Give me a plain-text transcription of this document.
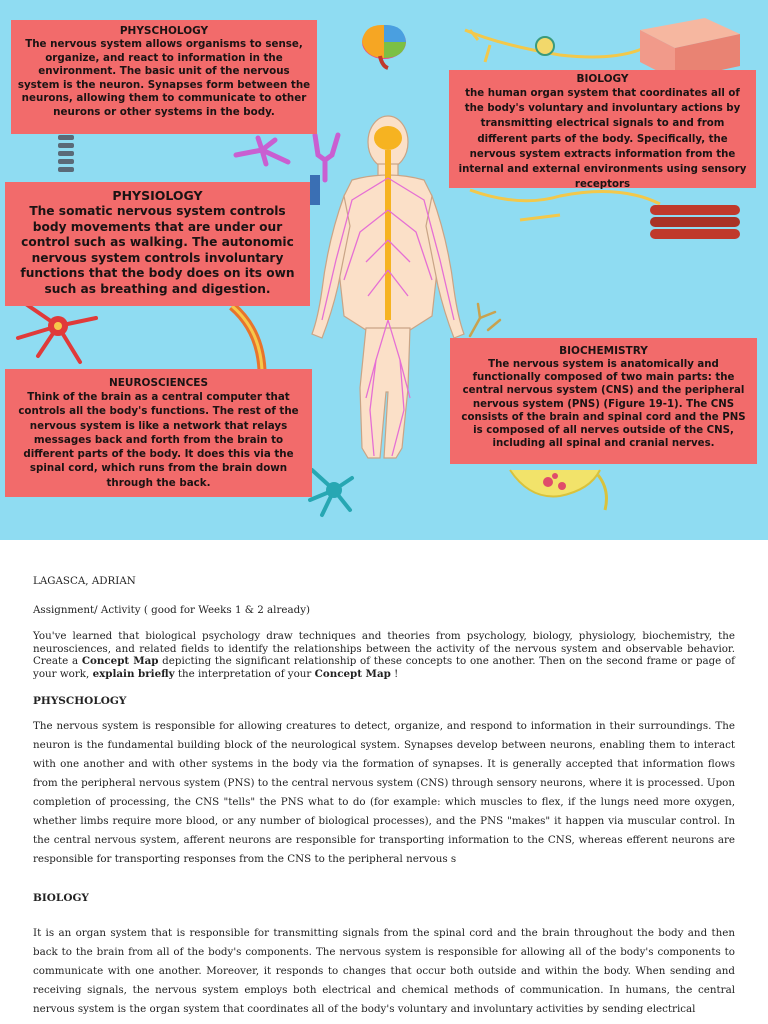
PHYSCHOLOGY
The nervous system allows organisms to sense, organize, and react to information in the environment. The basic unit of the nervous system is the neuron. Synapses form between the neurons, allowing them to communicate to other neurons or other systems in the body.
PHYSIOLOGY
The somatic nervous system controls body movements that are under our control such as walking. The autonomic nervous system controls involuntary functions that the body does on its own such as breathing and digestion.
NEUROSCIENCES
Think of the brain as a central computer that controls all the body's functions. The rest of the nervous system is like a network that relays messages back and forth from the brain to different parts of the body. It does this via the spinal cord, which runs from the brain down through the back.
BIOLOGY
the human organ system that coordinates all of the body's voluntary and involuntary actions by transmitting electrical signals to and from different parts of the body. Specifically, the nervous system extracts information from the internal and external environments using sensory receptors
BIOCHEMISTRY
The nervous system is anatomically and functionally composed of two main parts: the central nervous system (CNS) and the peripheral nervous system (PNS) (Figure 19-1). The CNS consists of the brain and spinal cord and the PNS is composed of all nerves outside of the CNS, including all spinal and cranial nerves.

LAGASCA, ADRIAN

Assignment/ Activity ( good for Weeks 1 & 2 already)

You've learned that biological psychology draw techniques and theories from psychology, biology, physiology, biochemistry, the neurosciences, and related fields to identify the relationships between the activity of the nervous system and observable behavior. Create a Concept Map depicting the significant relationship of these concepts to one another. Then on the second frame or page of your work, explain briefly the interpretation of your Concept Map !

PHYSCHOLOGY

The nervous system is responsible for allowing creatures to detect, organize, and respond to information in their surroundings. The neuron is the fundamental building block of the neurological system. Synapses develop between neurons, enabling them to interact with one another and with other systems in the body via the formation of synapses. It is generally accepted that information flows from the peripheral nervous system (PNS) to the central nervous system (CNS) through sensory neurons, where it is processed. Upon completion of processing, the CNS "tells" the PNS what to do (for example: which muscles to flex, if the lungs need more oxygen, whether limbs require more blood, or any number of biological processes), and the PNS "makes" it happen via muscular control. In the central nervous system, afferent neurons are responsible for transporting information to the CNS, whereas efferent neurons are responsible for transporting responses from the CNS to the peripheral nervous s

BIOLOGY

It is an organ system that is responsible for transmitting signals from the spinal cord and the brain throughout the body and then back to the brain from all of the body's components. The nervous system is responsible for allowing all of the body's components to communicate with one another. Moreover, it responds to changes that occur both outside and within the body. When sending and receiving signals, the nervous system employs both electrical and chemical methods of communication. In humans, the central nervous system is the organ system that coordinates all of the body's voluntary and involuntary activities by sending electrical
